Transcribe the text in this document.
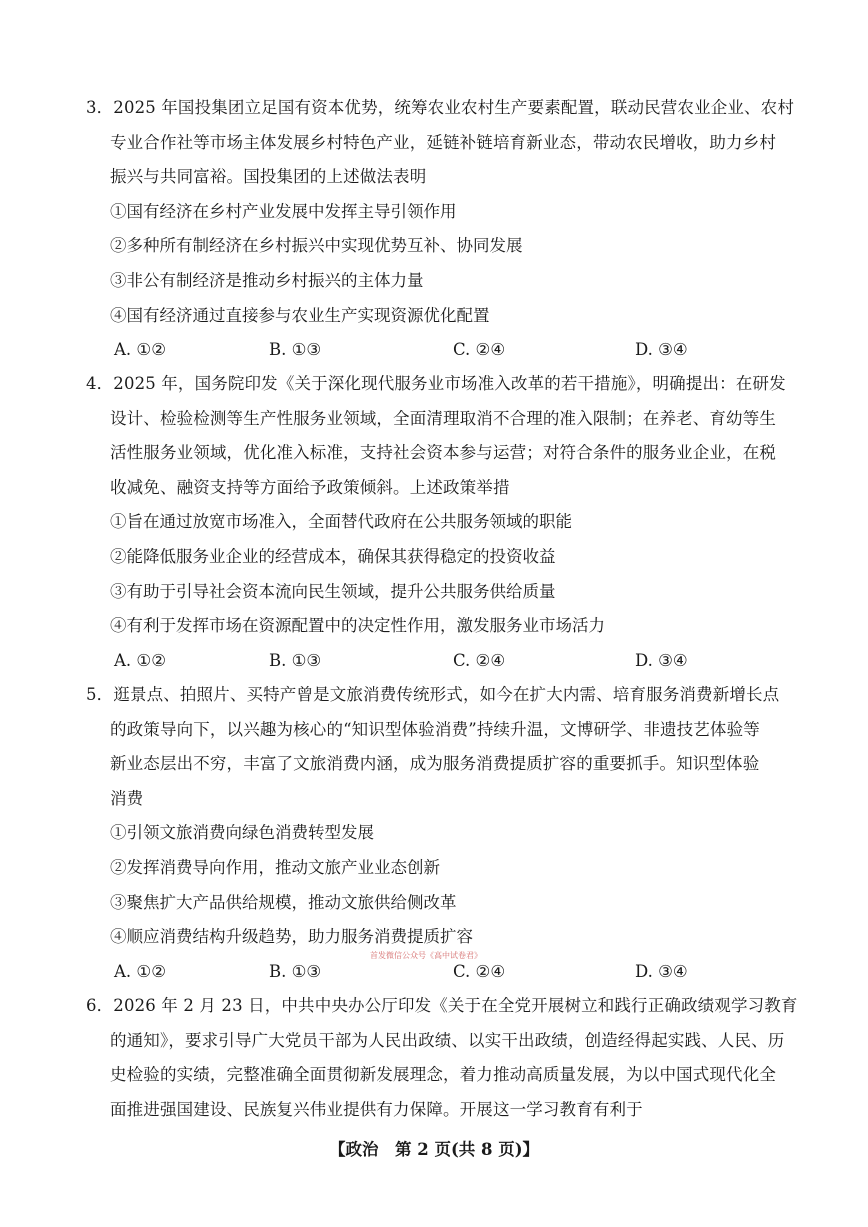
3．2025 年国投集团立足国有资本优势，统筹农业农村生产要素配置，联动民营农业企业、农村
专业合作社等市场主体发展乡村特色产业，延链补链培育新业态，带动农民增收，助力乡村
振兴与共同富裕。国投集团的上述做法表明
①国有经济在乡村产业发展中发挥主导引领作用
②多种所有制经济在乡村振兴中实现优势互补、协同发展
③非公有制经济是推动乡村振兴的主体力量
④国有经济通过直接参与农业生产实现资源优化配置
A. ①②	B. ①③	C. ②④	D. ③④
4．2025 年，国务院印发《关于深化现代服务业市场准入改革的若干措施》，明确提出：在研发
设计、检验检测等生产性服务业领域，全面清理取消不合理的准入限制；在养老、育幼等生
活性服务业领域，优化准入标准，支持社会资本参与运营；对符合条件的服务业企业，在税
收减免、融资支持等方面给予政策倾斜。上述政策举措
①旨在通过放宽市场准入，全面替代政府在公共服务领域的职能
②能降低服务业企业的经营成本，确保其获得稳定的投资收益
③有助于引导社会资本流向民生领域，提升公共服务供给质量
④有利于发挥市场在资源配置中的决定性作用，激发服务业市场活力
A. ①②	B. ①③	C. ②④	D. ③④
5．逛景点、拍照片、买特产曾是文旅消费传统形式，如今在扩大内需、培育服务消费新增长点
的政策导向下，以兴趣为核心的“知识型体验消费”持续升温，文博研学、非遗技艺体验等
新业态层出不穷，丰富了文旅消费内涵，成为服务消费提质扩容的重要抓手。知识型体验
消费
①引领文旅消费向绿色消费转型发展
②发挥消费导向作用，推动文旅产业业态创新
③聚焦扩大产品供给规模，推动文旅供给侧改革
④顺应消费结构升级趋势，助力服务消费提质扩容
A. ①②	B. ①③	C. ②④	D. ③④
首发微信公众号《高中试卷君》
6．2026 年 2 月 23 日，中共中央办公厅印发《关于在全党开展树立和践行正确政绩观学习教育
的通知》，要求引导广大党员干部为人民出政绩、以实干出政绩，创造经得起实践、人民、历
史检验的实绩，完整准确全面贯彻新发展理念，着力推动高质量发展，为以中国式现代化全
面推进强国建设、民族复兴伟业提供有力保障。开展这一学习教育有利于
【政治　第 2 页(共 8 页)】
